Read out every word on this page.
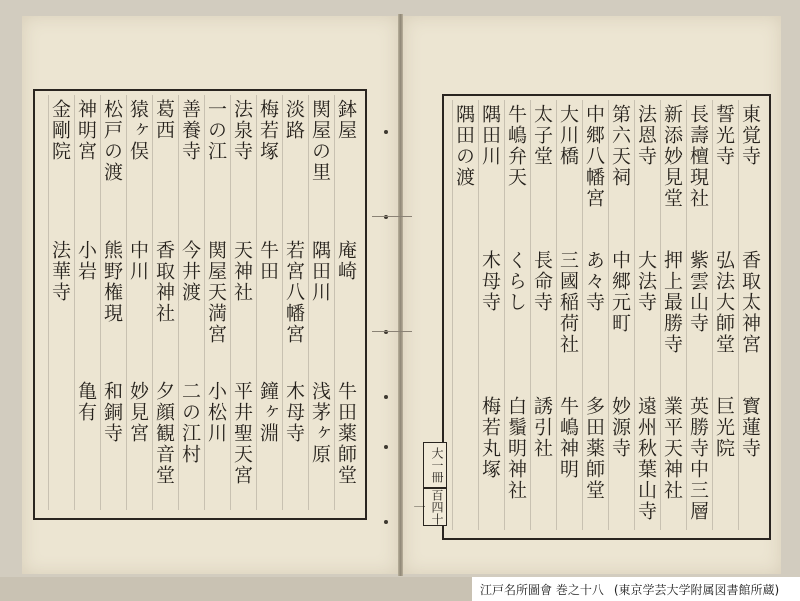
大一冊
百四十一
東覚寺
香取太神宮
寳蓮寺
誓光寺
弘法大師堂
巨光院
長壽檀現社
紫雲山寺
英勝寺中三層
新添妙見堂
押上最勝寺
業平天神社
法恩寺
大法寺
遠州秋葉山寺
第六天祠
中郷元町
妙源寺
中郷八幡宮
あ々寺
多田薬師堂
大川橋
三國稲荷社
牛嶋神明
太子堂
長命寺
誘引社
牛嶋弁天
くらし
白鬚明神社
隅田川
木母寺
梅若丸塚
隅田の渡
鉢屋
庵崎
牛田薬師堂
関屋の里
隅田川
浅茅ヶ原
淡路
若宮八幡宮
木母寺
梅若塚
牛田
鐘ヶ淵
法泉寺
天神社
平井聖天宮
一の江
関屋天満宮
小松川
善養寺
今井渡
二の江村
葛西
香取神社
夕顔観音堂
猿ヶ俣
中川
妙見宮
松戸の渡
熊野権現
和銅寺
神明宮
小岩
亀有
金剛院
法華寺
江戸名所圖會 巻之十八 (東京学芸大学附属図書館所蔵)
